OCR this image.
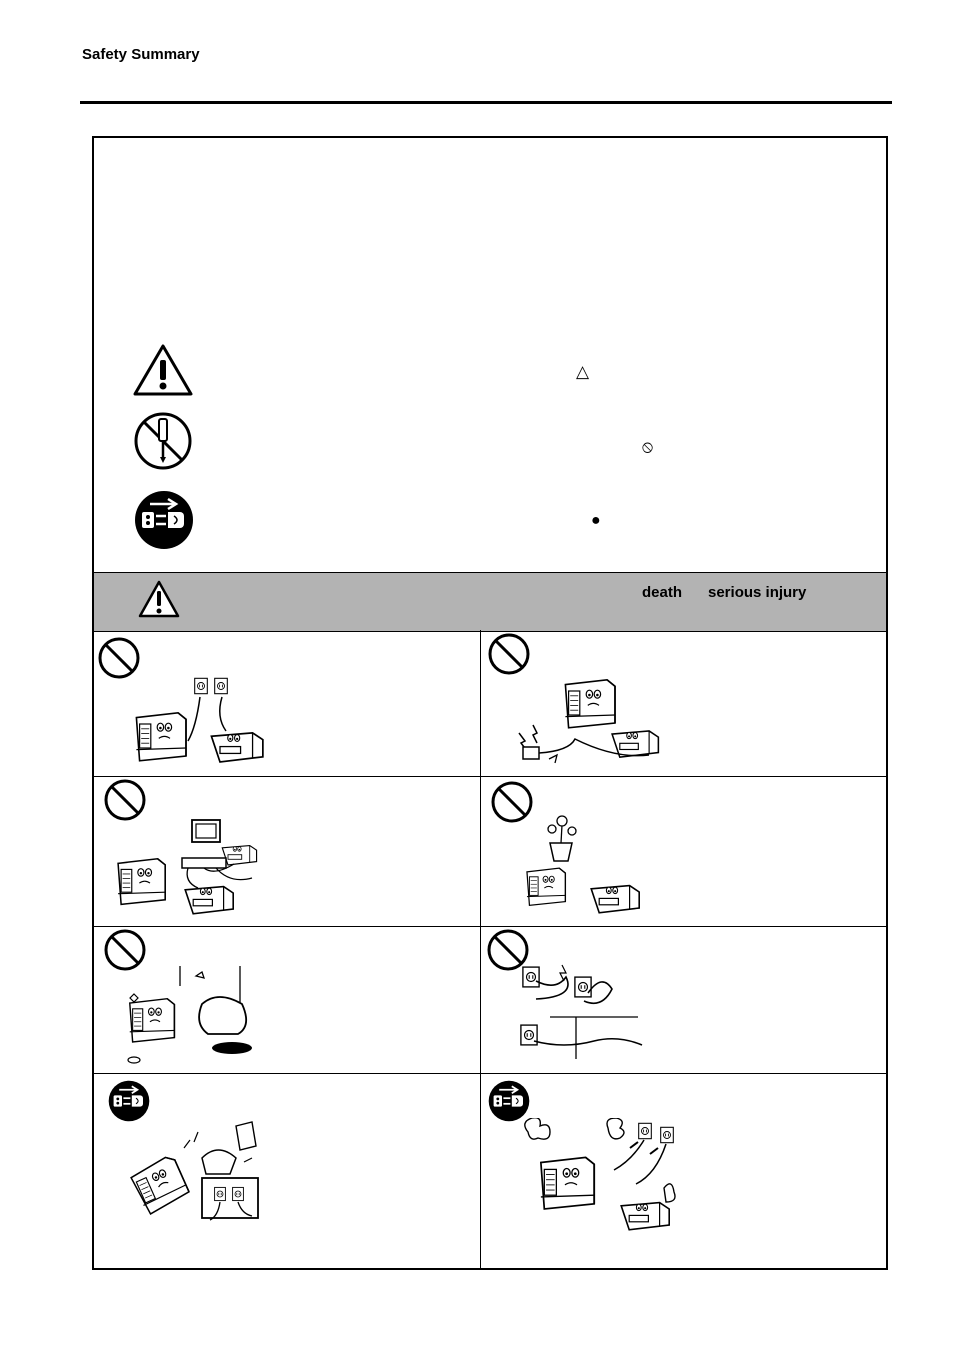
Safety Summary
△
⦸
●
death serious injury
